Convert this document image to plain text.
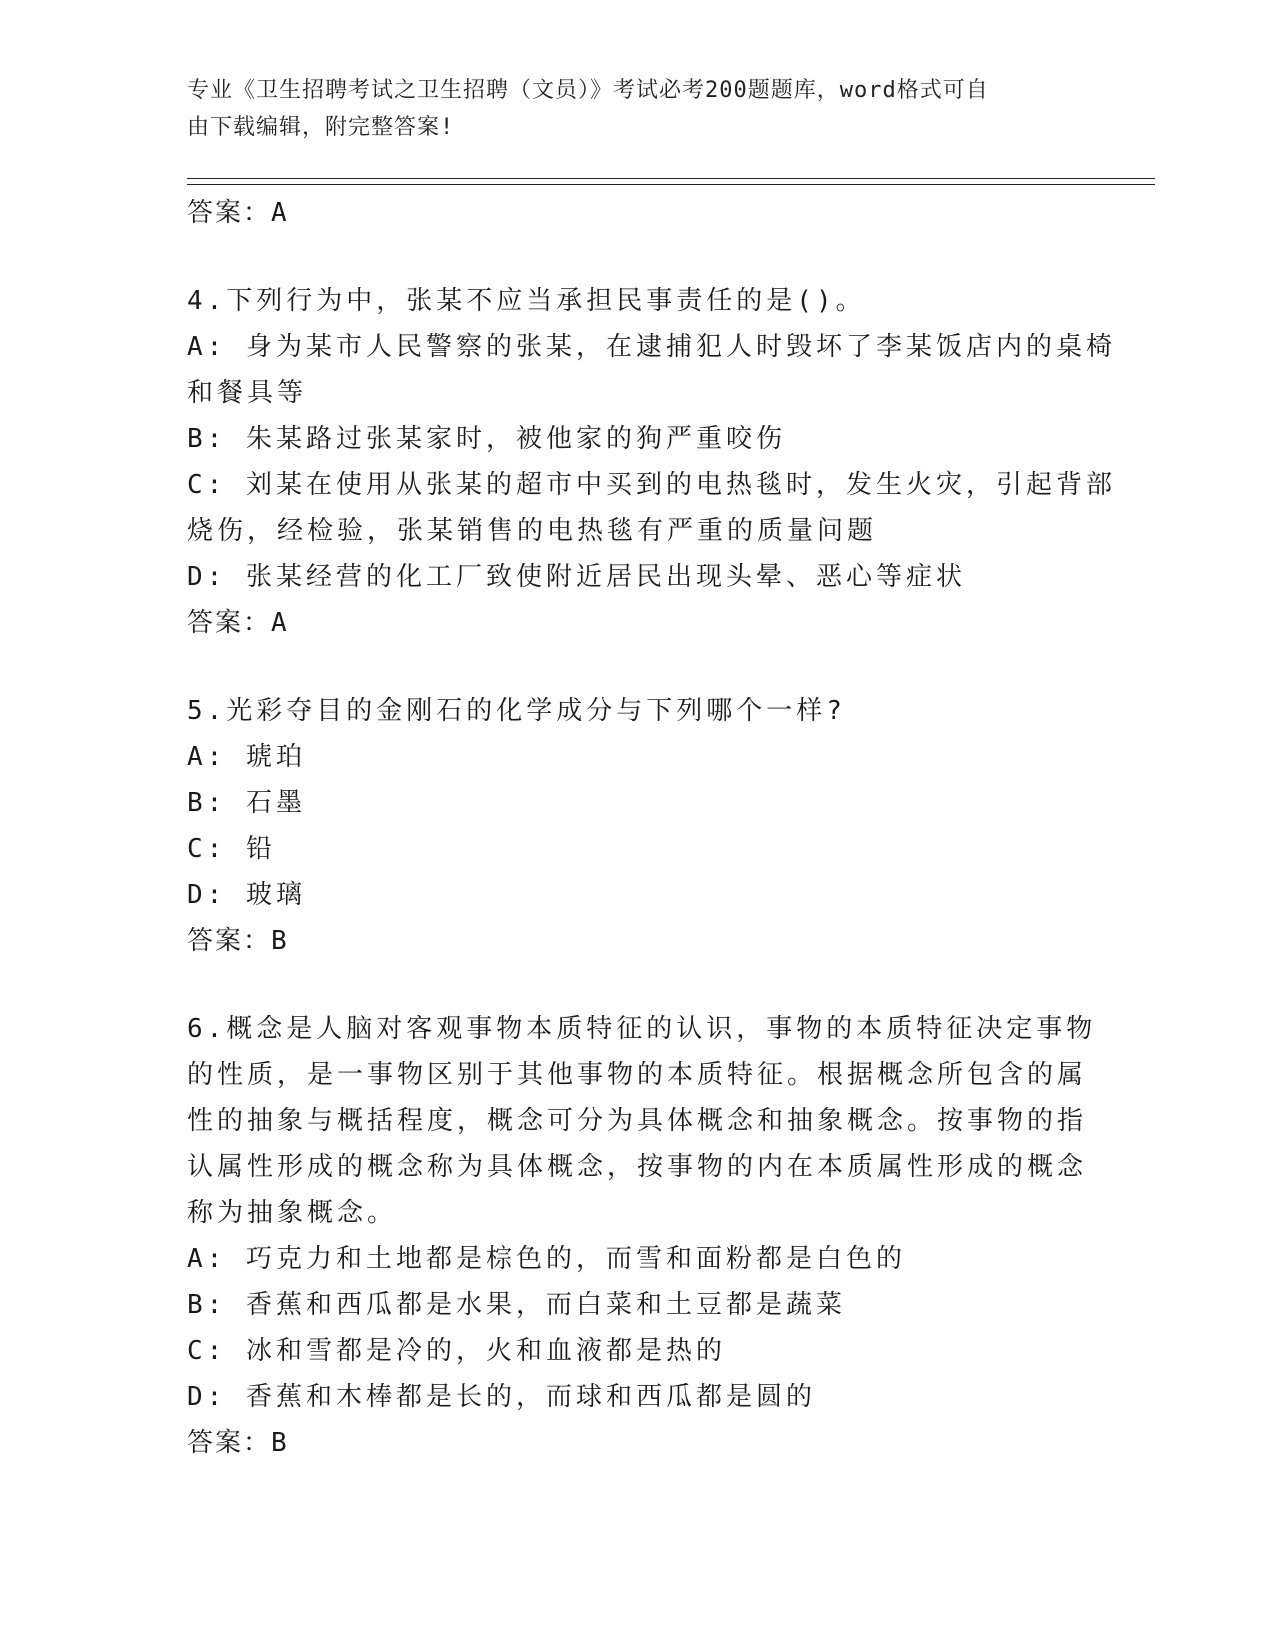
专业《卫生招聘考试之卫生招聘（文员）》考试必考200题题库，word格式可自
由下载编辑，附完整答案!
答案：A
4.下列行为中，张某不应当承担民事责任的是()。
A: 身为某市人民警察的张某，在逮捕犯人时毁坏了李某饭店内的桌椅
和餐具等
B: 朱某路过张某家时，被他家的狗严重咬伤
C: 刘某在使用从张某的超市中买到的电热毯时，发生火灾，引起背部
烧伤，经检验，张某销售的电热毯有严重的质量问题
D: 张某经营的化工厂致使附近居民出现头晕、恶心等症状
答案：A
5.光彩夺目的金刚石的化学成分与下列哪个一样?
A: 琥珀
B: 石墨
C: 铅
D: 玻璃
答案：B
6.概念是人脑对客观事物本质特征的认识，事物的本质特征决定事物
的性质，是一事物区别于其他事物的本质特征。根据概念所包含的属
性的抽象与概括程度，概念可分为具体概念和抽象概念。按事物的指
认属性形成的概念称为具体概念，按事物的内在本质属性形成的概念
称为抽象概念。
A: 巧克力和土地都是棕色的，而雪和面粉都是白色的
B: 香蕉和西瓜都是水果，而白菜和土豆都是蔬菜
C: 冰和雪都是冷的，火和血液都是热的
D: 香蕉和木棒都是长的，而球和西瓜都是圆的
答案：B
